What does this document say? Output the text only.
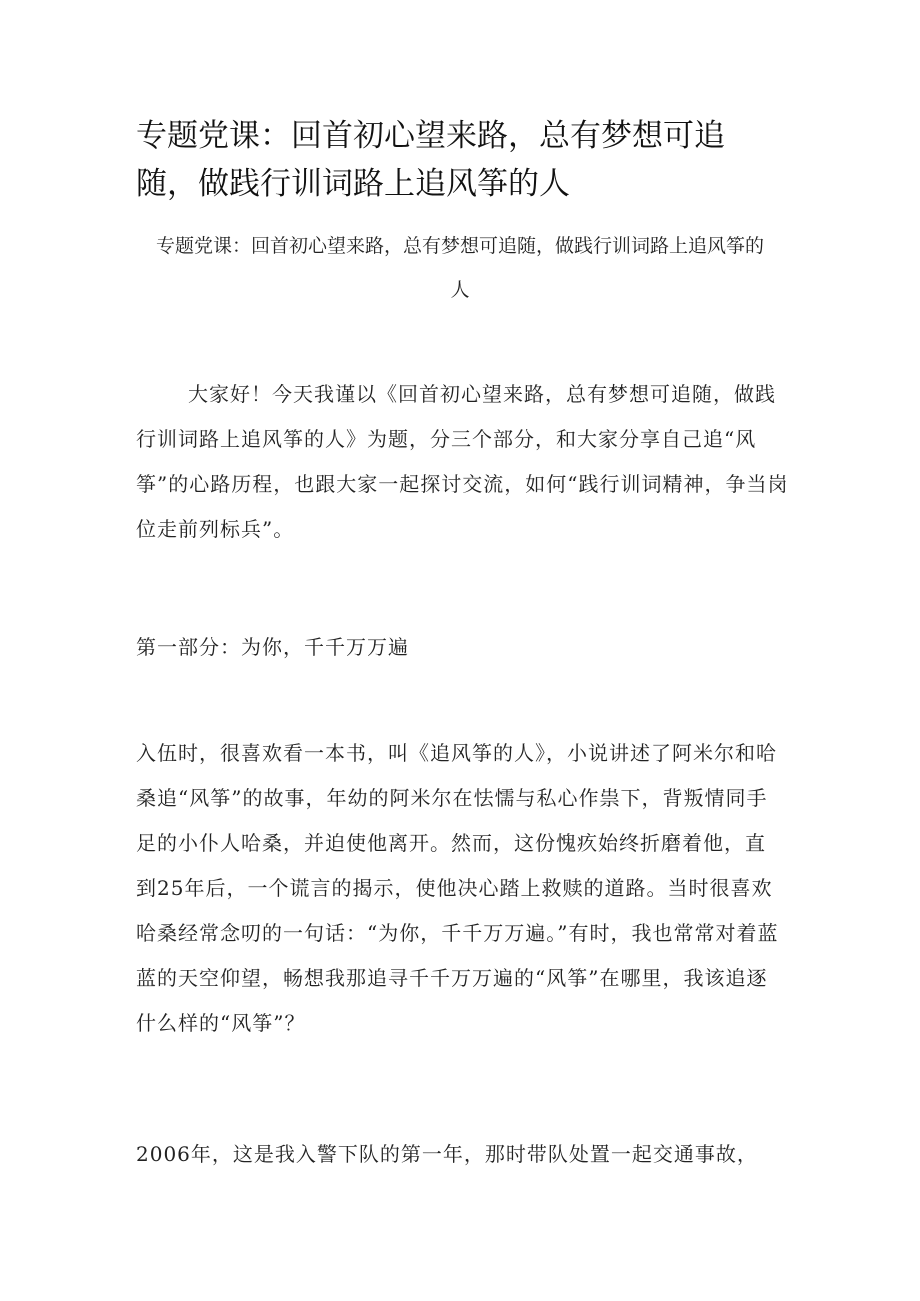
专题党课：回首初心望来路，总有梦想可追随，做践行训词路上追风筝的人

专题党课：回首初心望来路，总有梦想可追随，做践行训词路上追风筝的人

大家好！今天我谨以《回首初心望来路，总有梦想可追随，做践行训词路上追风筝的人》为题，分三个部分，和大家分享自己追“风筝”的心路历程，也跟大家一起探讨交流，如何“践行训词精神，争当岗位走前列标兵”。

第一部分：为你，千千万万遍

入伍时，很喜欢看一本书，叫《追风筝的人》，小说讲述了阿米尔和哈桑追“风筝”的故事，年幼的阿米尔在怯懦与私心作祟下，背叛情同手足的小仆人哈桑，并迫使他离开。然而，这份愧疚始终折磨着他，直到25年后，一个谎言的揭示，使他决心踏上救赎的道路。当时很喜欢哈桑经常念叨的一句话：“为你，千千万万遍。”有时，我也常常对着蓝蓝的天空仰望，畅想我那追寻千千万万遍的“风筝”在哪里，我该追逐什么样的“风筝”？

2006年，这是我入警下队的第一年，那时带队处置一起交通事故，
